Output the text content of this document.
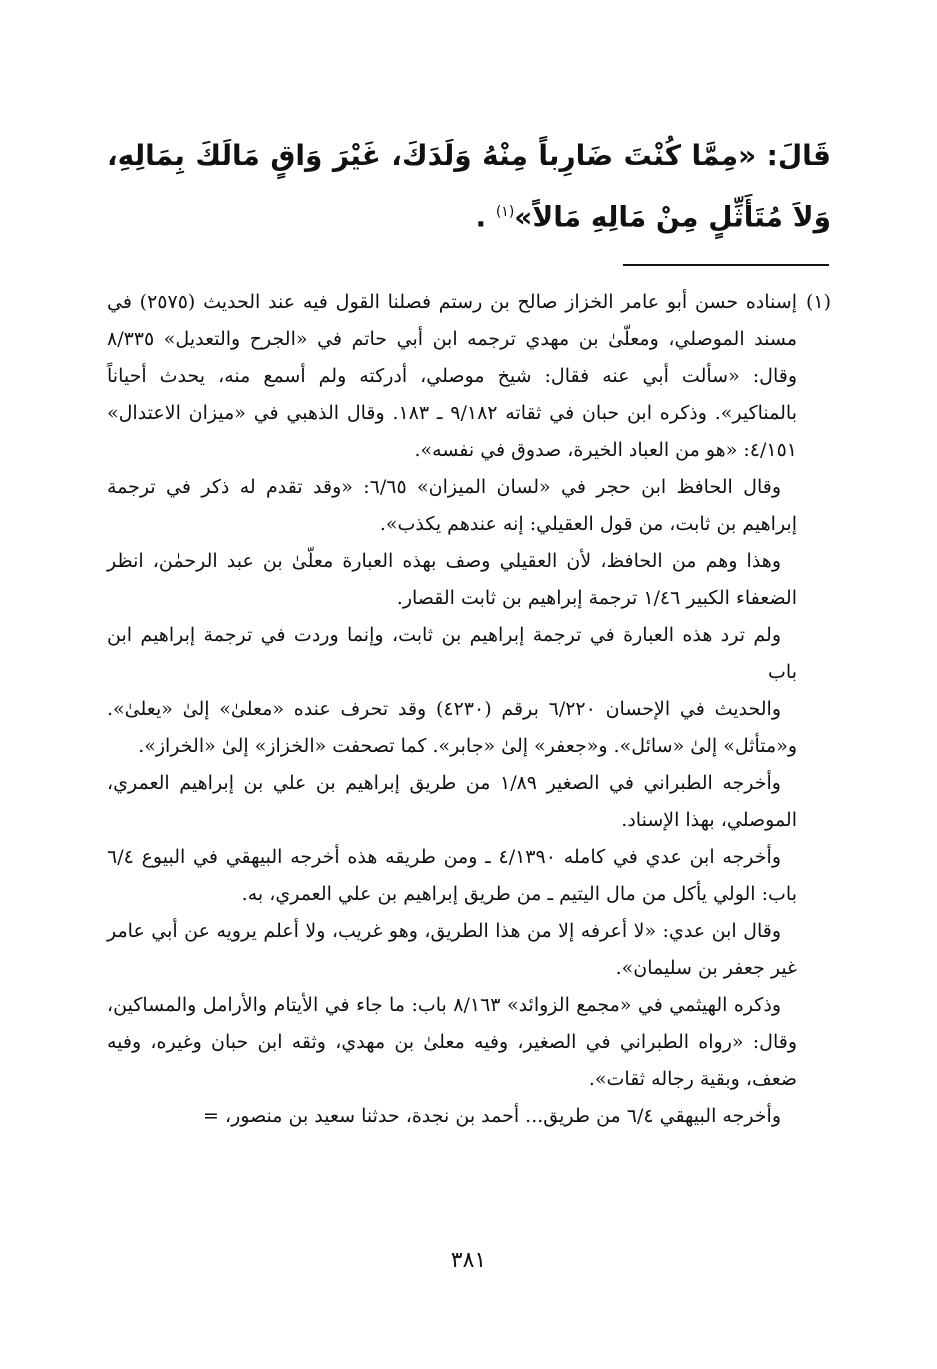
قَالَ: «مِمَّا كُنْتَ ضَارِباً مِنْهُ وَلَدَكَ، غَيْرَ وَاقٍ مَالَكَ بِمَالِهِ، وَلاَ مُتَأَثِّلٍ مِنْ مَالِهِ مَالاً»$^{(١)}$ .

(١)
إسناده حسن أبو عامر الخزاز صالح بن رستم فصلنا القول فيه عند الحديث (٢٥٧٥) في مسند الموصلي، ومعلّىٰ بن مهدي ترجمه ابن أبي حاتم في «الجرح والتعديل» ٨/٣٣٥ وقال: «سألت أبي عنه فقال: شيخ موصلي، أدركته ولم أسمع منه، يحدث أحياناً بالمناكير». وذكره ابن حبان في ثقاته ٩/١٨٢ ـ ١٨٣. وقال الذهبي في «ميزان الاعتدال» ٤/١٥١: «هو من العباد الخيرة، صدوق في نفسه».

وقال الحافظ ابن حجر في «لسان الميزان» ٦/٦٥: «وقد تقدم له ذكر في ترجمة إبراهيم بن ثابت، من قول العقيلي: إنه عندهم يكذب».

وهذا وهم من الحافظ، لأن العقيلي وصف بهذه العبارة معلّىٰ بن عبد الرحمٰن، انظر الضعفاء الكبير ١/٤٦ ترجمة إبراهيم بن ثابت القصار.

ولم ترد هذه العبارة في ترجمة إبراهيم بن ثابت، وإنما وردت في ترجمة إبراهيم ابن باب

والحديث في الإحسان ٦/٢٢٠ برقم (٤٢٣٠) وقد تحرف عنده «معلىٰ» إلىٰ «يعلىٰ». و«متأثل» إلىٰ «سائل». و«جعفر» إلىٰ «جابر». كما تصحفت «الخزاز» إلىٰ «الخراز».

وأخرجه الطبراني في الصغير ١/٨٩ من طريق إبراهيم بن علي بن إبراهيم العمري، الموصلي، بهذا الإسناد.

وأخرجه ابن عدي في كامله ٤/١٣٩٠ ـ ومن طريقه هذه أخرجه البيهقي في البيوع ٦/٤ باب: الولي يأكل من مال اليتيم ـ من طريق إبراهيم بن علي العمري، به.

وقال ابن عدي: «لا أعرفه إلا من هذا الطريق، وهو غريب، ولا أعلم يرويه عن أبي عامر غير جعفر بن سليمان».

وذكره الهيثمي في «مجمع الزوائد» ٨/١٦٣ باب: ما جاء في الأيتام والأرامل والمساكين، وقال: «رواه الطبراني في الصغير، وفيه معلىٰ بن مهدي، وثقه ابن حبان وغيره، وفيه ضعف، وبقية رجاله ثقات».

وأخرجه البيهقي ٦/٤ من طريق... أحمد بن نجدة، حدثنا سعيد بن منصور، =

٣٨١
